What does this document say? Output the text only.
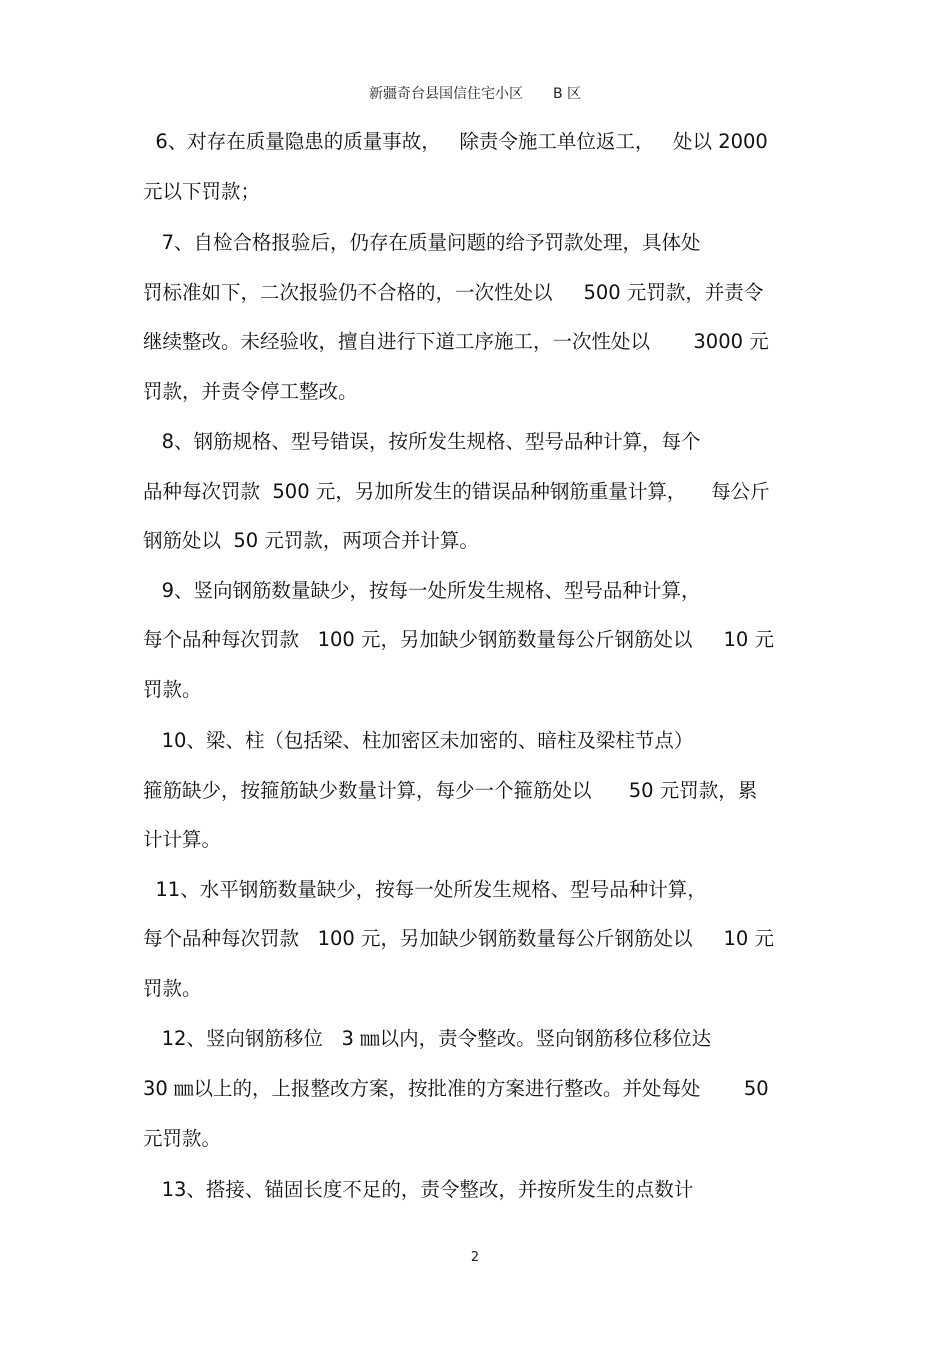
新疆奇台县国信住宅小区 B 区
6、对存在质量隐患的质量事故，   除责令施工单位返工，   处以 2000
元以下罚款；
7、自检合格报验后，仍存在质量问题的给予罚款处理，具体处
罚标准如下，二次报验仍不合格的，一次性处以     500 元罚款，并责令
继续整改。未经验收，擅自进行下道工序施工，一次性处以       3000 元
罚款，并责令停工整改。
8、钢筋规格、型号错误，按所发生规格、型号品种计算，每个
品种每次罚款  500 元，另加所发生的错误品种钢筋重量计算，    每公斤
钢筋处以  50 元罚款，两项合并计算。
9、竖向钢筋数量缺少，按每一处所发生规格、型号品种计算，
每个品种每次罚款   100 元，另加缺少钢筋数量每公斤钢筋处以     10 元
罚款。
10、梁、柱（包括梁、柱加密区未加密的、暗柱及梁柱节点）
箍筋缺少，按箍筋缺少数量计算，每少一个箍筋处以      50 元罚款，累
计计算。
11、水平钢筋数量缺少，按每一处所发生规格、型号品种计算，
每个品种每次罚款   100 元，另加缺少钢筋数量每公斤钢筋处以     10 元
罚款。
12、竖向钢筋移位   3 ㎜以内，责令整改。竖向钢筋移位移位达
30 ㎜以上的，上报整改方案，按批准的方案进行整改。并处每处       50
元罚款。
13、搭接、锚固长度不足的，责令整改，并按所发生的点数计
2
